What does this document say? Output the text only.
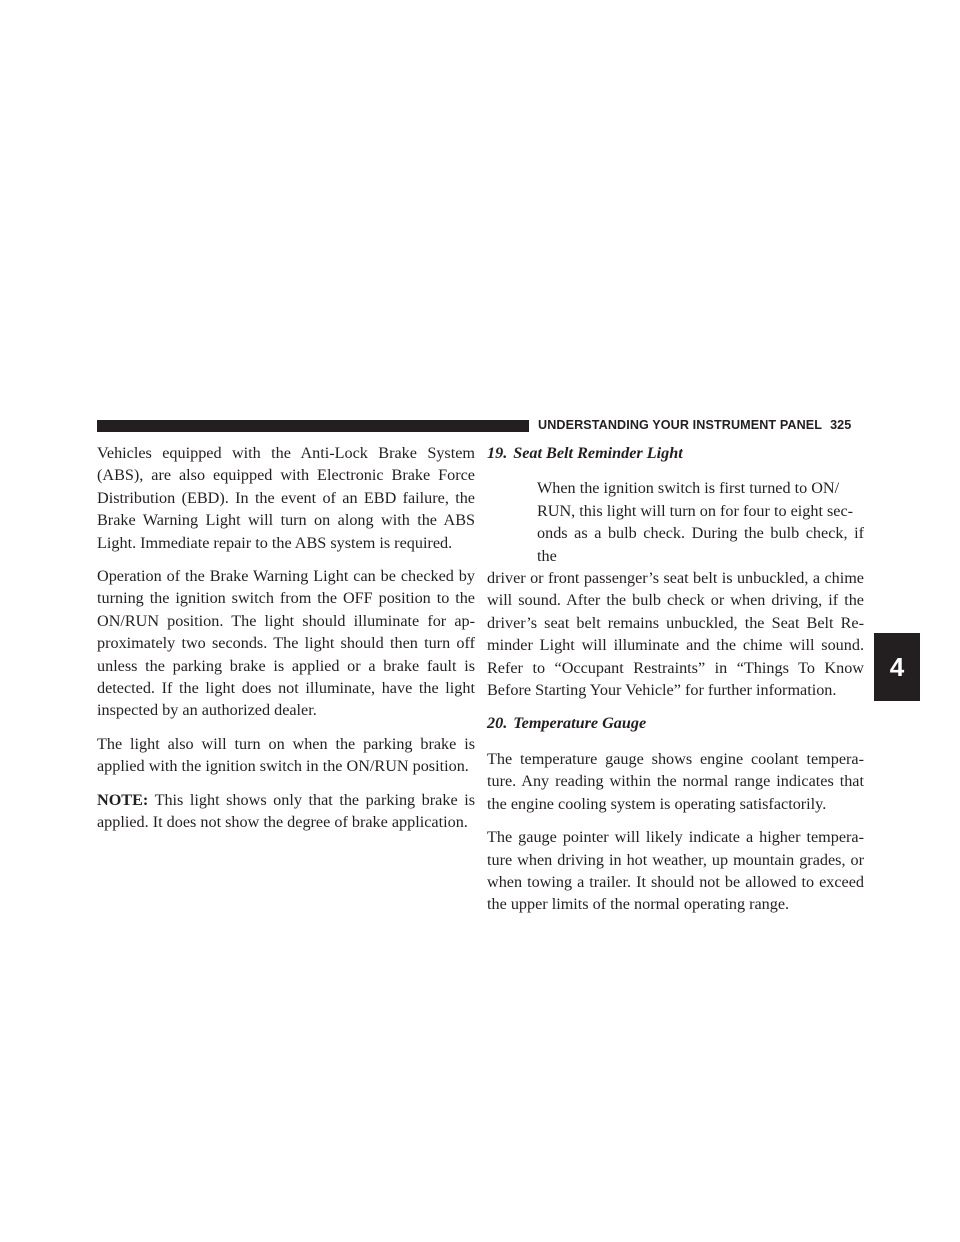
UNDERSTANDING YOUR INSTRUMENT PANEL 325
4

Vehicles equipped with the Anti-Lock Brake System (ABS), are also equipped with Electronic Brake Force Distribution (EBD). In the event of an EBD failure, the Brake Warning Light will turn on along with the ABS Light. Immediate repair to the ABS system is required.

Operation of the Brake Warning Light can be checked by turning the ignition switch from the OFF position to the ON/RUN position. The light should illuminate for approximately two seconds. The light should then turn off unless the parking brake is applied or a brake fault is detected. If the light does not illuminate, have the light inspected by an authorized dealer.

The light also will turn on when the parking brake is applied with the ignition switch in the ON/RUN position.

NOTE: This light shows only that the parking brake is applied. It does not show the degree of brake application.

19. Seat Belt Reminder Light
When the ignition switch is first turned to ON/
RUN, this light will turn on for four to eight sec-
onds as a bulb check. During the bulb check, if the
driver or front passenger’s seat belt is unbuckled, a chime will sound. After the bulb check or when driving, if the driver’s seat belt remains unbuckled, the Seat Belt Reminder Light will illuminate and the chime will sound. Refer to “Occupant Restraints” in “Things To Know Before Starting Your Vehicle” for further information.
20. Temperature Gauge

The temperature gauge shows engine coolant temperature. Any reading within the normal range indicates that the engine cooling system is operating satisfactorily.

The gauge pointer will likely indicate a higher temperature when driving in hot weather, up mountain grades, or when towing a trailer. It should not be allowed to exceed the upper limits of the normal operating range.
